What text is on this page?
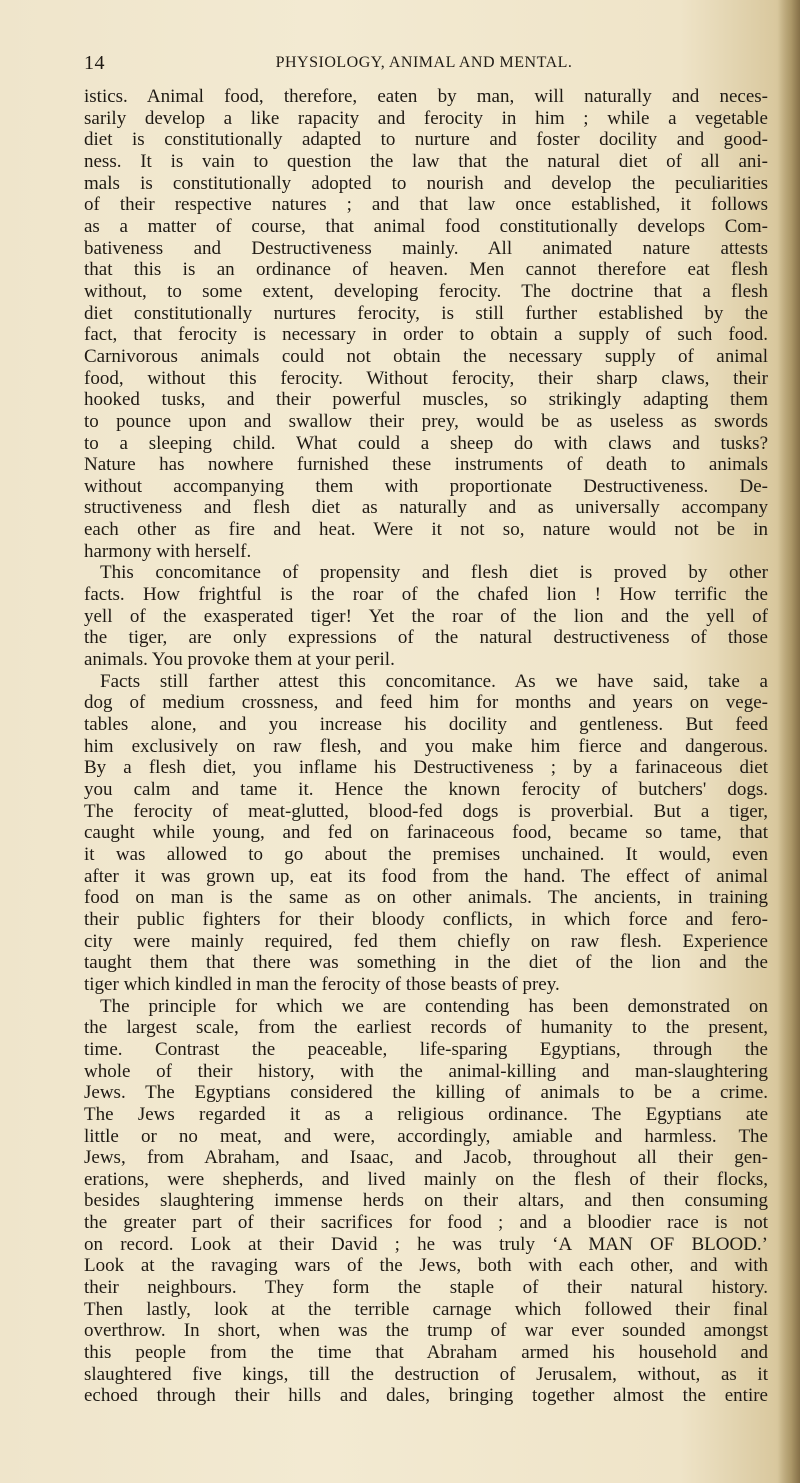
14	PHYSIOLOGY, ANIMAL AND MENTAL.
istics. Animal food, therefore, eaten by man, will naturally and neces-
sarily develop a like rapacity and ferocity in him ; while a vegetable
diet is constitutionally adapted to nurture and foster docility and good-
ness. It is vain to question the law that the natural diet of all ani-
mals is constitutionally adopted to nourish and develop the peculiarities
of their respective natures ; and that law once established, it follows
as a matter of course, that animal food constitutionally develops Com-
bativeness and Destructiveness mainly. All animated nature attests
that this is an ordinance of heaven. Men cannot therefore eat flesh
without, to some extent, developing ferocity. The doctrine that a flesh
diet constitutionally nurtures ferocity, is still further established by the
fact, that ferocity is necessary in order to obtain a supply of such food.
Carnivorous animals could not obtain the necessary supply of animal
food, without this ferocity. Without ferocity, their sharp claws, their
hooked tusks, and their powerful muscles, so strikingly adapting them
to pounce upon and swallow their prey, would be as useless as swords
to a sleeping child. What could a sheep do with claws and tusks?
Nature has nowhere furnished these instruments of death to animals
without accompanying them with proportionate Destructiveness. De-
structiveness and flesh diet as naturally and as universally accompany
each other as fire and heat. Were it not so, nature would not be in
harmony with herself.
This concomitance of propensity and flesh diet is proved by other
facts. How frightful is the roar of the chafed lion ! How terrific the
yell of the exasperated tiger! Yet the roar of the lion and the yell of
the tiger, are only expressions of the natural destructiveness of those
animals. You provoke them at your peril.
Facts still farther attest this concomitance. As we have said, take a
dog of medium crossness, and feed him for months and years on vege-
tables alone, and you increase his docility and gentleness. But feed
him exclusively on raw flesh, and you make him fierce and dangerous.
By a flesh diet, you inflame his Destructiveness ; by a farinaceous diet
you calm and tame it. Hence the known ferocity of butchers' dogs.
The ferocity of meat-glutted, blood-fed dogs is proverbial. But a tiger,
caught while young, and fed on farinaceous food, became so tame, that
it was allowed to go about the premises unchained. It would, even
after it was grown up, eat its food from the hand. The effect of animal
food on man is the same as on other animals. The ancients, in training
their public fighters for their bloody conflicts, in which force and fero-
city were mainly required, fed them chiefly on raw flesh. Experience
taught them that there was something in the diet of the lion and the
tiger which kindled in man the ferocity of those beasts of prey.
The principle for which we are contending has been demonstrated on
the largest scale, from the earliest records of humanity to the present,
time. Contrast the peaceable, life-sparing Egyptians, through the
whole of their history, with the animal-killing and man-slaughtering
Jews. The Egyptians considered the killing of animals to be a crime.
The Jews regarded it as a religious ordinance. The Egyptians ate
little or no meat, and were, accordingly, amiable and harmless. The
Jews, from Abraham, and Isaac, and Jacob, throughout all their gen-
erations, were shepherds, and lived mainly on the flesh of their flocks,
besides slaughtering immense herds on their altars, and then consuming
the greater part of their sacrifices for food ; and a bloodier race is not
on record. Look at their David ; he was truly ‘A MAN OF BLOOD.’
Look at the ravaging wars of the Jews, both with each other, and with
their neighbours. They form the staple of their natural history.
Then lastly, look at the terrible carnage which followed their final
overthrow. In short, when was the trump of war ever sounded amongst
this people from the time that Abraham armed his household and
slaughtered five kings, till the destruction of Jerusalem, without, as it
echoed through their hills and dales, bringing together almost the entire
